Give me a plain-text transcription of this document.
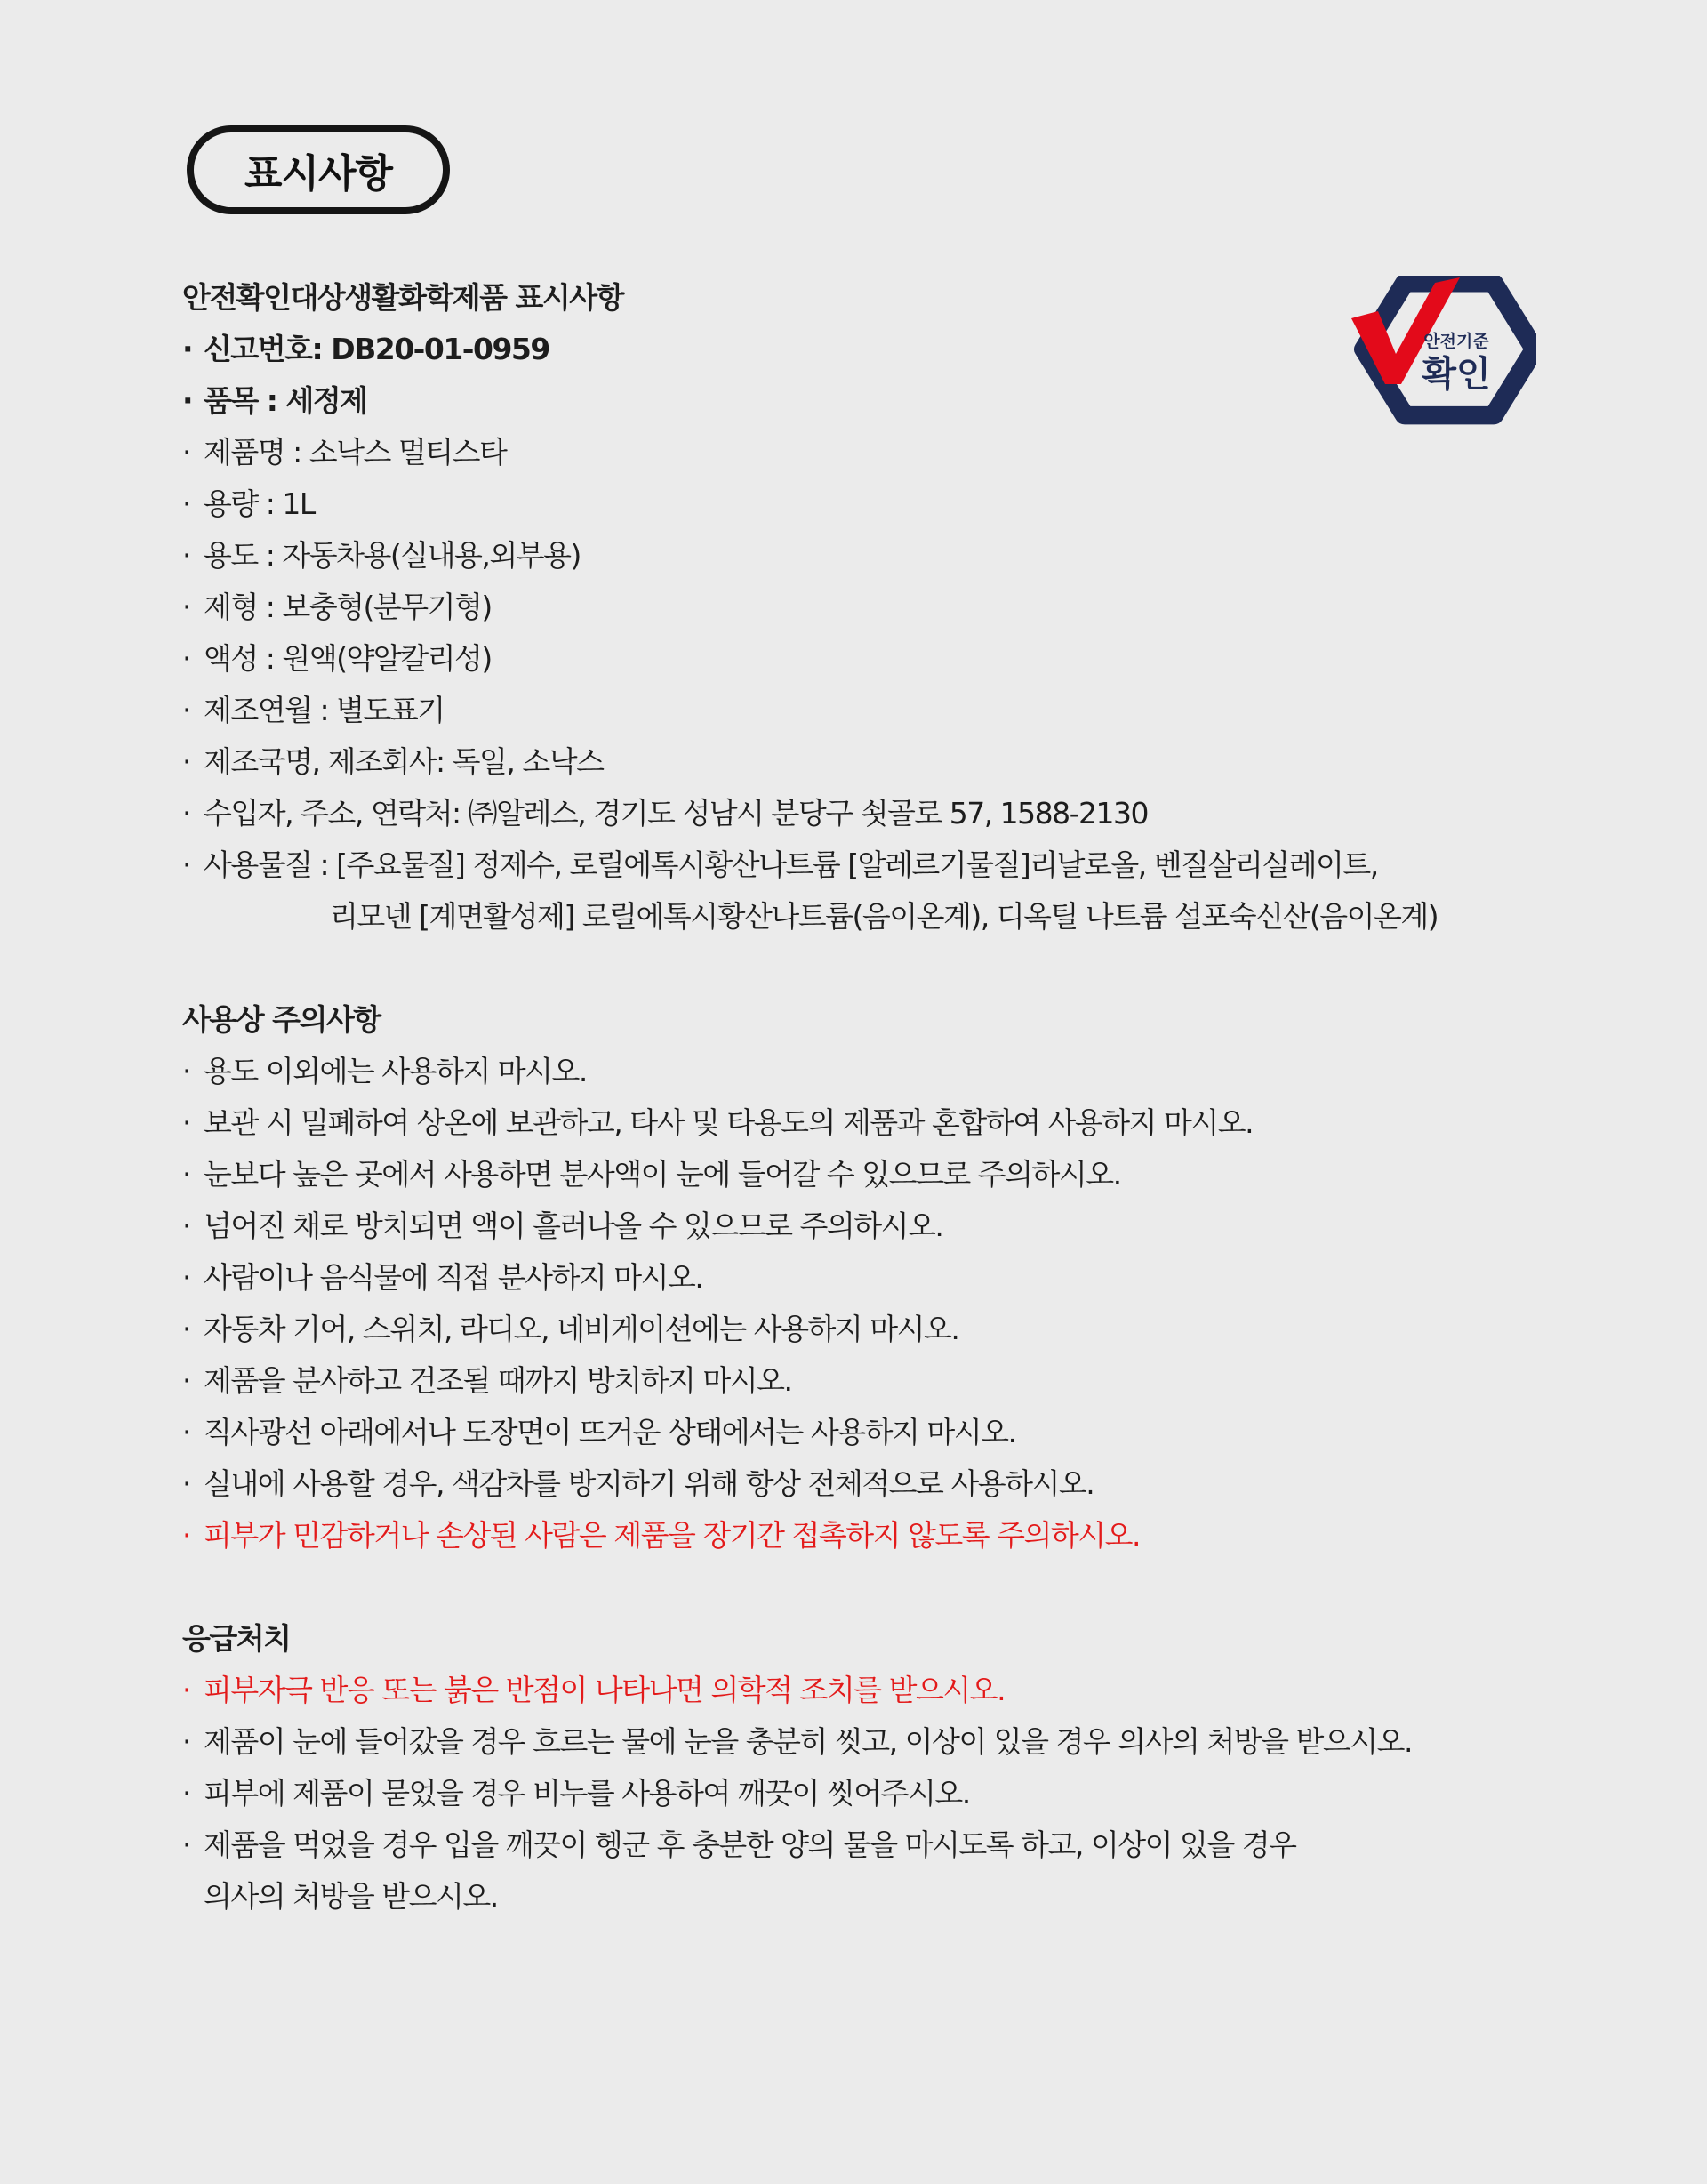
표시사항
안전기준
확인
안전확인대상생활화학제품 표시사항
· 신고번호: DB20-01-0959
· 품목 : 세정제
· 제품명 : 소낙스 멀티스타
· 용량 : 1L
· 용도 : 자동차용(실내용,외부용)
· 제형 : 보충형(분무기형)
· 액성 : 원액(약알칼리성)
· 제조연월 : 별도표기
· 제조국명, 제조회사: 독일, 소낙스
· 수입자, 주소, 연락처: ㈜알레스, 경기도 성남시 분당구 쇳골로 57, 1588-2130
· 사용물질 : [주요물질] 정제수, 로릴에톡시황산나트륨 [알레르기물질]리날로올, 벤질살리실레이트,
리모넨 [계면활성제] 로릴에톡시황산나트륨(음이온계), 디옥틸 나트륨 설포숙신산(음이온계)
사용상 주의사항
· 용도 이외에는 사용하지 마시오.
· 보관 시 밀폐하여 상온에 보관하고, 타사 및 타용도의 제품과 혼합하여 사용하지 마시오.
· 눈보다 높은 곳에서 사용하면 분사액이 눈에 들어갈 수 있으므로 주의하시오.
· 넘어진 채로 방치되면 액이 흘러나올 수 있으므로 주의하시오.
· 사람이나 음식물에 직접 분사하지 마시오.
· 자동차 기어, 스위치, 라디오, 네비게이션에는 사용하지 마시오.
· 제품을 분사하고 건조될 때까지 방치하지 마시오.
· 직사광선 아래에서나 도장면이 뜨거운 상태에서는 사용하지 마시오.
· 실내에 사용할 경우, 색감차를 방지하기 위해 항상 전체적으로 사용하시오.
· 피부가 민감하거나 손상된 사람은 제품을 장기간 접촉하지 않도록 주의하시오.
응급처치
· 피부자극 반응 또는 붉은 반점이 나타나면 의학적 조치를 받으시오.
· 제품이 눈에 들어갔을 경우 흐르는 물에 눈을 충분히 씻고, 이상이 있을 경우 의사의 처방을 받으시오.
· 피부에 제품이 묻었을 경우 비누를 사용하여 깨끗이 씻어주시오.
· 제품을 먹었을 경우 입을 깨끗이 헹군 후 충분한 양의 물을 마시도록 하고, 이상이 있을 경우
의사의 처방을 받으시오.
